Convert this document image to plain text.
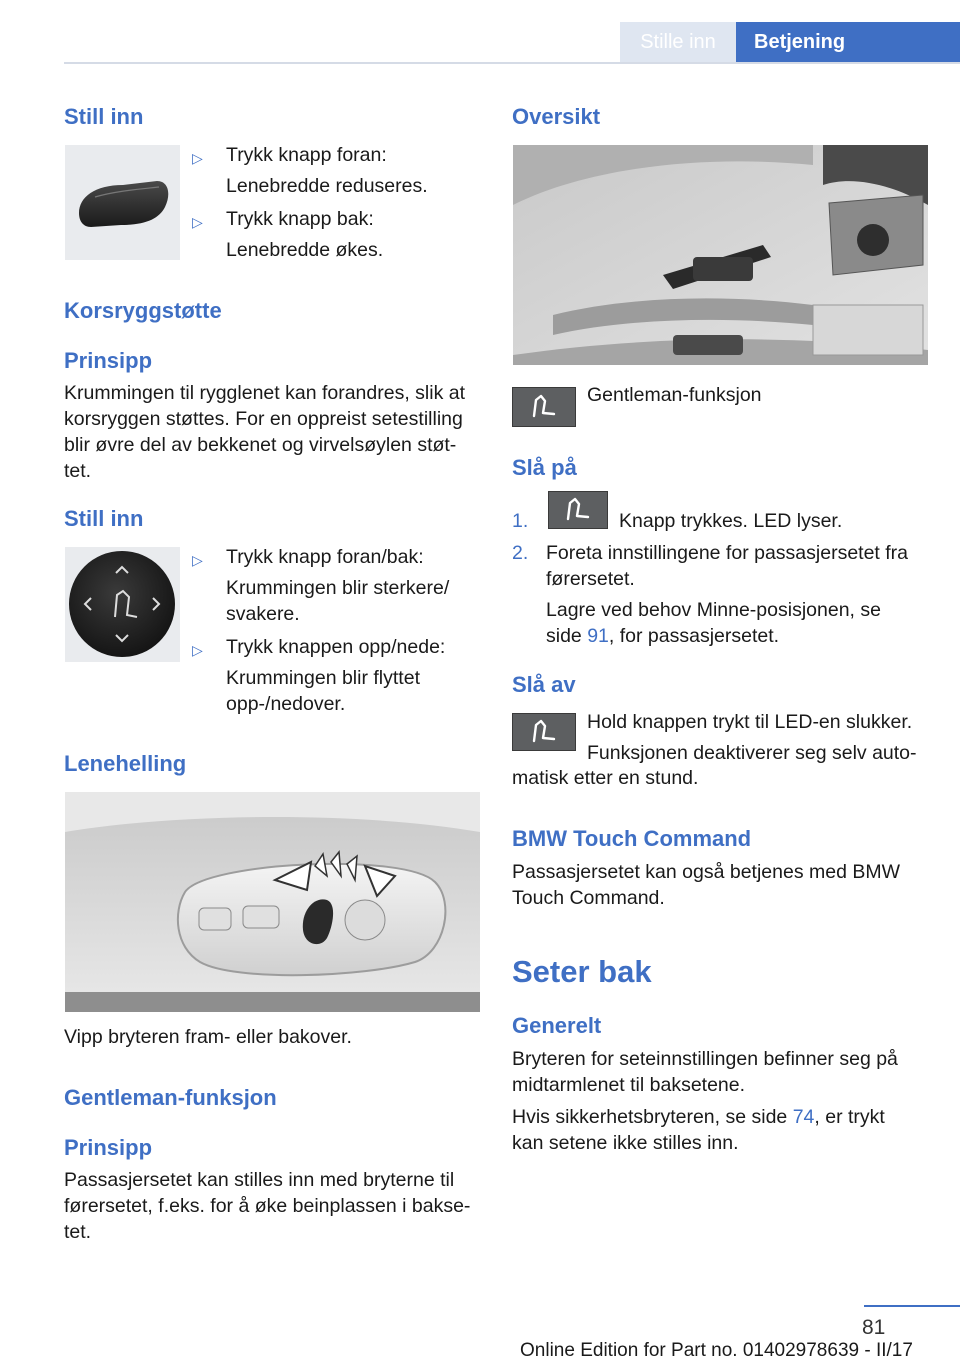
Stille inn Betjening
Still inn
▷ Trykk knapp foran:
Lenebredde reduseres.
▷ Trykk knapp bak:
Lenebredde økes.
Korsryggstøtte
Prinsipp
Krummingen til rygglenet kan forandres, slik at
korsryggen støttes. For en oppreist setestilling
blir øvre del av bekkenet og virvelsøylen støt‐
tet.
Still inn
▷ Trykk knapp foran/bak:
Krummingen blir sterkere/
svakere.
▷ Trykk knappen opp/nede:
Krummingen blir flyttet
opp-/nedover.
Lenehelling
Vipp bryteren fram- eller bakover.
Gentleman-funksjon
Prinsipp
Passasjersetet kan stilles inn med bryterne til
førersetet, f.eks. for å øke beinplassen i bakse‐
tet.
Oversikt
Gentleman-funksjon
Slå på
1.	Knapp trykkes. LED lyser.
2. Foreta innstillingene for passasjersetet fra
førersetet.
Lagre ved behov Minne-posisjonen, se
side 91, for passasjersetet.
Slå av
Hold knappen trykt til LED-en slukker.
Funksjonen deaktiverer seg selv auto‐
matisk etter en stund.
BMW Touch Command
Passasjersetet kan også betjenes med BMW
Touch Command.
Seter bak
Generelt
Bryteren for seteinnstillingen befinner seg på
midtarmlenet til baksetene.
Hvis sikkerhetsbryteren, se side 74, er trykt
kan setene ikke stilles inn.
81
Online Edition for Part no. 01402978639 - II/17
